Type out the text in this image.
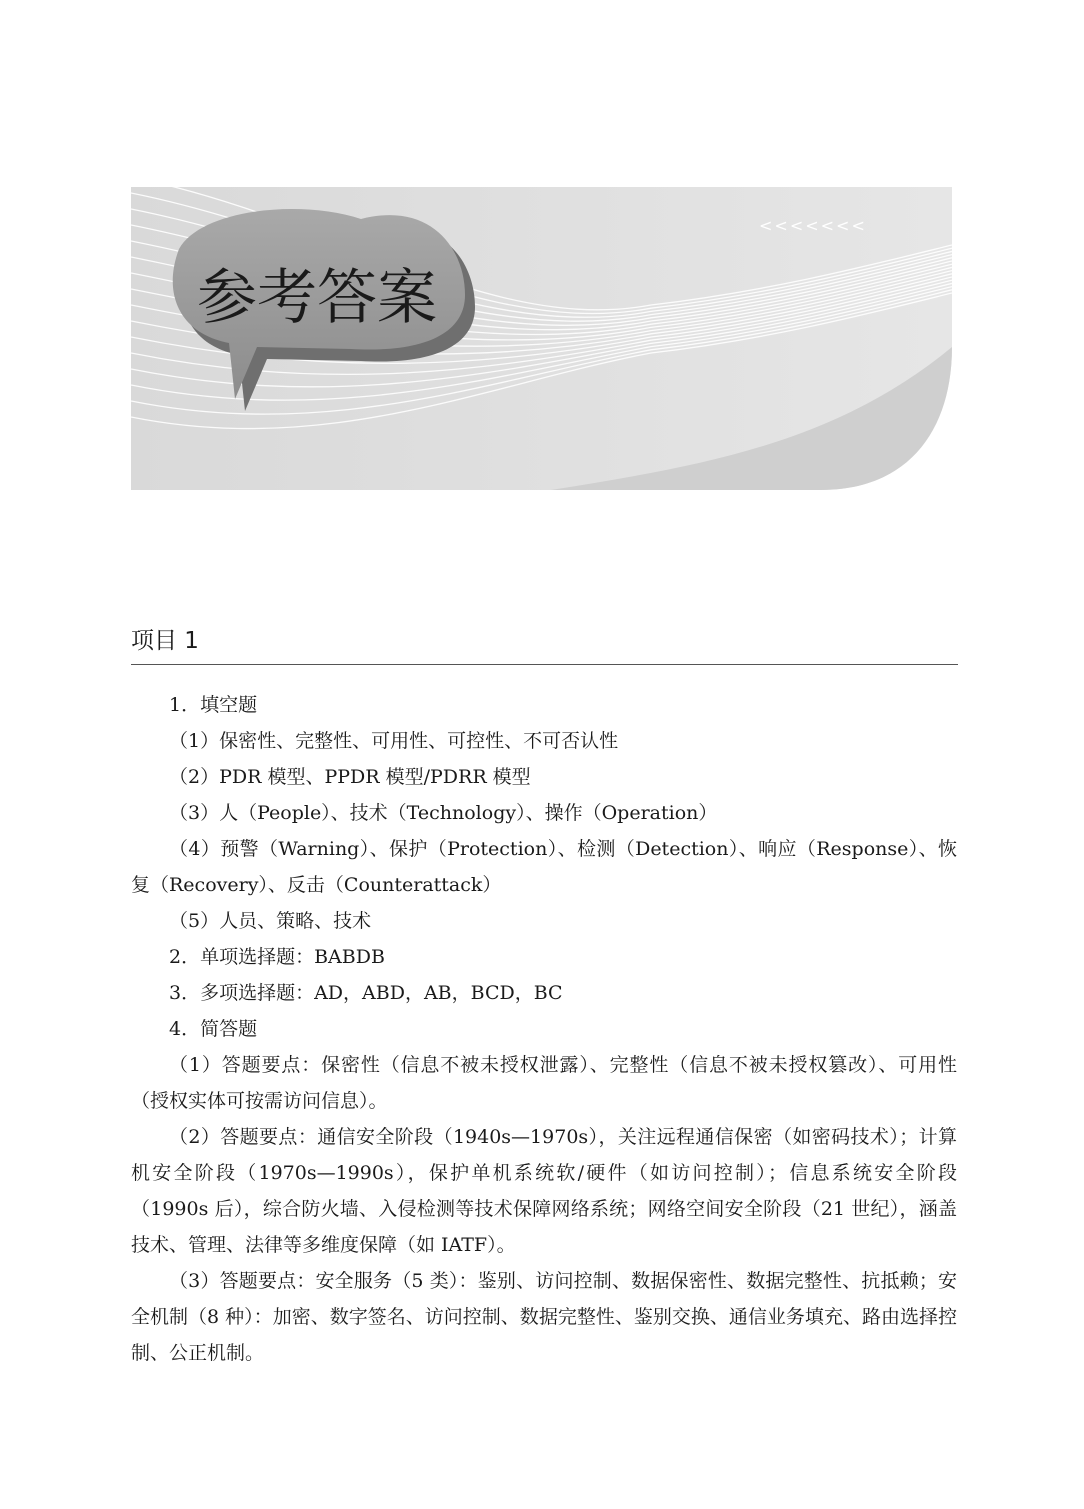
参考答案
<<<<<<<
项目 1

1．填空题

（1）保密性、完整性、可用性、可控性、不可否认性

（2）PDR 模型、PPDR 模型/PDRR 模型

（3）人（People）、技术（Technology）、操作（Operation）

（4）预警（Warning）、保护（Protection）、检测（Detection）、响应（Response）、恢复（Recovery）、反击（Counterattack）

（5）人员、策略、技术

2．单项选择题：BABDB

3．多项选择题：AD，ABD，AB，BCD，BC

4．简答题

（1）答题要点：保密性（信息不被未授权泄露）、完整性（信息不被未授权篡改）、可用性（授权实体可按需访问信息）。

（2）答题要点：通信安全阶段（1940s—1970s），关注远程通信保密（如密码技术）；计算机安全阶段（1970s—1990s），保护单机系统软/硬件（如访问控制）；信息系统安全阶段（1990s 后），综合防火墙、入侵检测等技术保障网络系统；网络空间安全阶段（21 世纪），涵盖技术、管理、法律等多维度保障（如 IATF）。

（3）答题要点：安全服务（5 类）：鉴别、访问控制、数据保密性、数据完整性、抗抵赖；安全机制（8 种）：加密、数字签名、访问控制、数据完整性、鉴别交换、通信业务填充、路由选择控制、公正机制。
